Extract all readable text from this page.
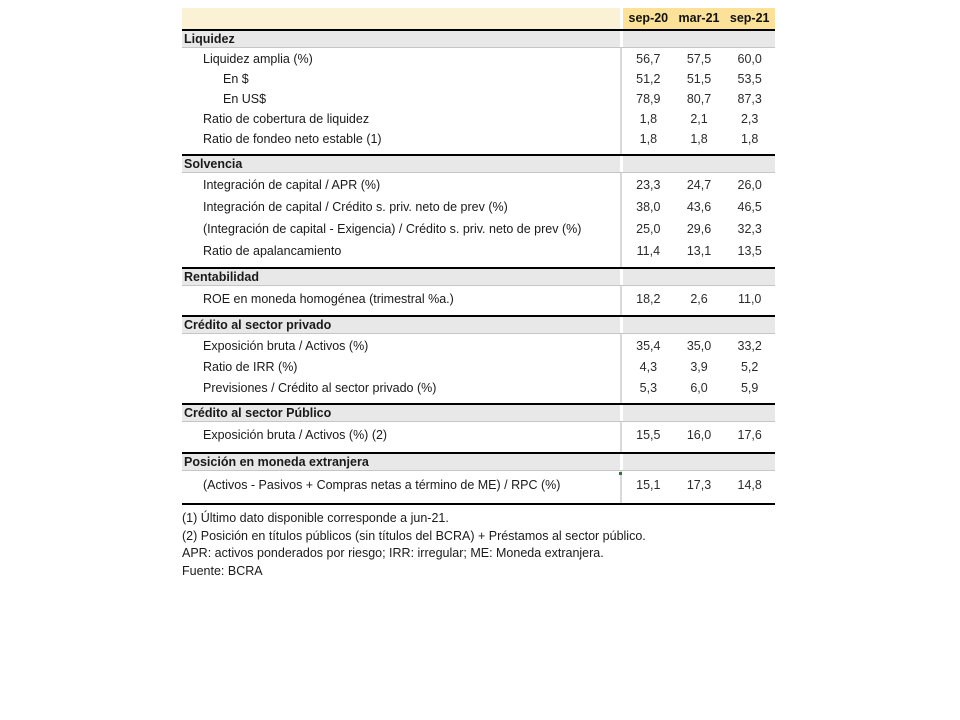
sep-20 mar-21 sep-21
Liquidez
Liquidez amplia (%)	56,7	57,5	60,0
En $	51,2	51,5	53,5
En US$	78,9	80,7	87,3
Ratio de cobertura de liquidez	1,8	2,1	2,3
Ratio de fondeo neto estable (1)	1,8	1,8	1,8
Solvencia
Integración de capital / APR (%)	23,3	24,7	26,0
Integración de capital / Crédito s. priv. neto de prev (%)	38,0	43,6	46,5
(Integración de capital - Exigencia) / Crédito s. priv. neto de prev (%)	25,0	29,6	32,3
Ratio de apalancamiento	11,4	13,1	13,5
Rentabilidad
ROE en moneda homogénea (trimestral %a.)	18,2	2,6	11,0
Crédito al sector privado
Exposición bruta / Activos (%)	35,4	35,0	33,2
Ratio de IRR (%)	4,3	3,9	5,2
Previsiones / Crédito al sector privado (%)	5,3	6,0	5,9
Crédito al sector Público
Exposición bruta / Activos (%) (2)	15,5	16,0	17,6
Posición en moneda extranjera
(Activos - Pasivos + Compras netas a término de ME) / RPC (%)	15,1	17,3	14,8

(1) Último dato disponible corresponde a jun-21.

(2) Posición en títulos públicos (sin títulos del BCRA) + Préstamos al sector público.

APR: activos ponderados por riesgo; IRR: irregular; ME: Moneda extranjera.

Fuente: BCRA
